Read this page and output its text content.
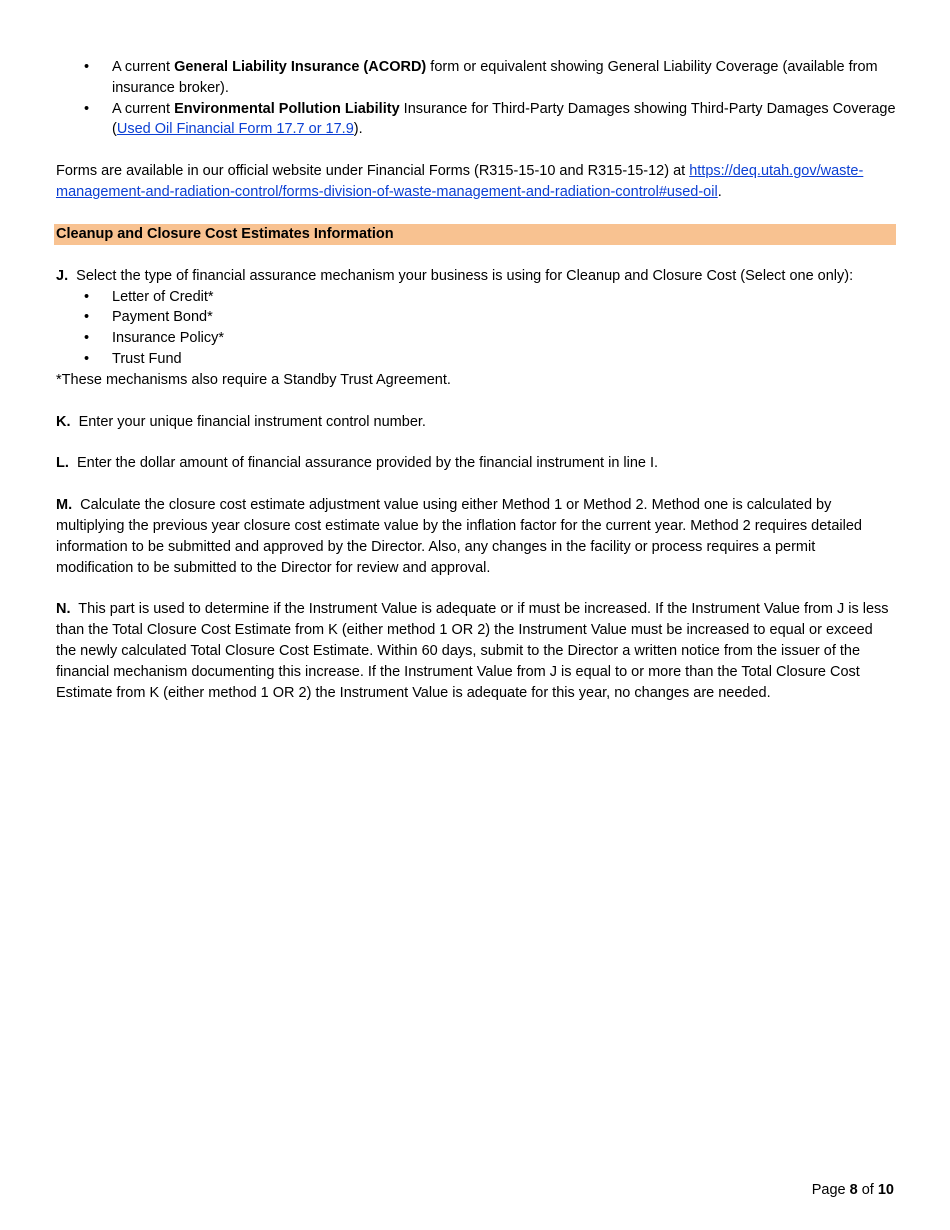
• A current General Liability Insurance (ACORD) form or equivalent showing General Liability Coverage (available from insurance broker).
• A current Environmental Pollution Liability Insurance for Third-Party Damages showing Third-Party Damages Coverage (Used Oil Financial Form 17.7 or 17.9).

Forms are available in our official website under Financial Forms (R315-15-10 and R315-15-12) at https://deq.utah.gov/waste-management-and-radiation-control/forms-division-of-waste-management-and-radiation-control#used-oil.

Cleanup and Closure Cost Estimates Information

J. Select the type of financial assurance mechanism your business is using for Cleanup and Closure Cost (Select one only):

• Letter of Credit*
• Payment Bond*
• Insurance Policy*
• Trust Fund

*These mechanisms also require a Standby Trust Agreement.

K. Enter your unique financial instrument control number.

L. Enter the dollar amount of financial assurance provided by the financial instrument in line I.

M. Calculate the closure cost estimate adjustment value using either Method 1 or Method 2. Method one is calculated by multiplying the previous year closure cost estimate value by the inflation factor for the current year. Method 2 requires detailed information to be submitted and approved by the Director. Also, any changes in the facility or process requires a permit modification to be submitted to the Director for review and approval.

N. This part is used to determine if the Instrument Value is adequate or if must be increased. If the Instrument Value from J is less than the Total Closure Cost Estimate from K (either method 1 OR 2) the Instrument Value must be increased to equal or exceed the newly calculated Total Closure Cost Estimate. Within 60 days, submit to the Director a written notice from the issuer of the financial mechanism documenting this increase. If the Instrument Value from J is equal to or more than the Total Closure Cost Estimate from K (either method 1 OR 2) the Instrument Value is adequate for this year, no changes are needed.

Page 8 of 10
